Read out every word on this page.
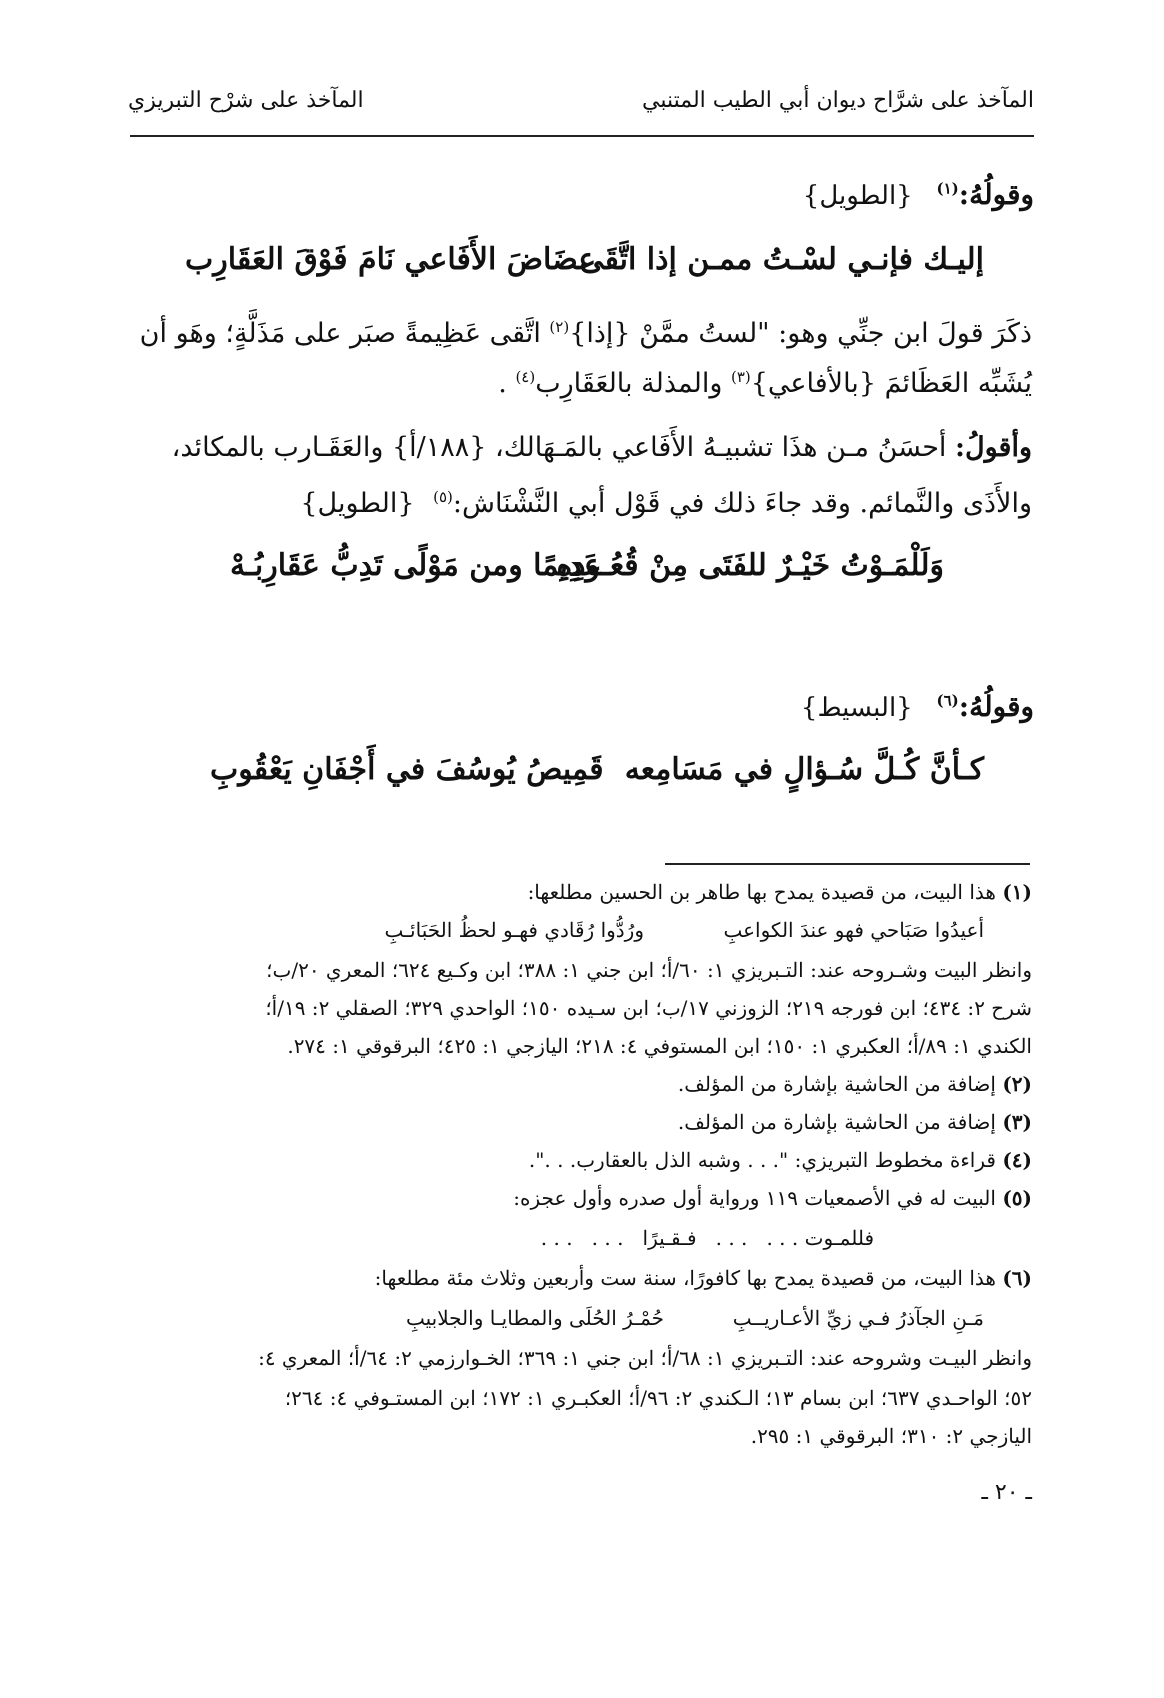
المآخذ على شرَّاح ديوان أبي الطيب المتنبي
المآخذ على شرْح التبريزي
وقولُهُ:$^{(١)}$ {الطويل}
إليـك فإنـي لسْـتُ ممـن إذا اتَّقَى
عضَاضَ الأَفَاعي نَامَ فَوْقَ العَقَارِب
ذكَرَ قولَ ابن جنِّي وهو: "لستُ ممَّنْ {إذا}$^{(٢)}$ اتَّقى عَظِيمةً صبَر على مَذَلَّةٍ؛ وهَو أن
يُشَبِّه العَظَائمَ {بالأفاعي}$^{(٣)}$ والمذلة بالعَقَارِب$^{(٤)}$ .
وأقولُ: أحسَنُ مـن هذَا تشبيـهُ الأَفَاعي بالمَـهَالك، {١٨٨/أ} والعَقَـارب بالمكائد،
والأَذَى والنَّمائم. وقد جاءَ ذلك في قَوْل أبي النَّشْنَاش:$^{(٥)}$ {الطويل}
وَلَلْمَـوْتُ خَيْـرٌ للفَتَى مِنْ قُعُـودِهِ
عَدِيمًا ومن مَوْلًى تَدِبُّ عَقَارِبُـهْ
وقولُهُ:$^{(٦)}$ {البسيط}
كـأنَّ كُـلَّ سُـؤالٍ في مَسَامِعه
قَمِيصُ يُوسُفَ في أَجْفَانِ يَعْقُوبِ
(١) هذا البيت، من قصيدة يمدح بها طاهر بن الحسين مطلعها:
أعيدُوا صَبَاحي فهو عندَ الكواعبِ
ورُدُّوا رُقَادي فهـو لحظُ الحَبَائـبِ
وانظر البيت وشـروحه عند: التـبريزي ١: ٦٠/أ؛ ابن جني ١: ٣٨٨؛ ابن وكـيع ٦٢٤؛ المعري ٢٠/ب؛
شرح ٢: ٤٣٤؛ ابن فورجه ٢١٩؛ الزوزني ١٧/ب؛ ابن سـيده ١٥٠؛ الواحدي ٣٢٩؛ الصقلي ٢: ١٩/أ؛
الكندي ١: ٨٩/أ؛ العكبري ١: ١٥٠؛ ابن المستوفي ٤: ٢١٨؛ اليازجي ١: ٤٢٥؛ البرقوقي ١: ٢٧٤.
(٢) إضافة من الحاشية بإشارة من المؤلف.
(٣) إضافة من الحاشية بإشارة من المؤلف.
(٤) قراءة مخطوط التبريزي: ". . . وشبه الذل بالعقارب. . .".
(٥) البيت له في الأصمعيات ١١٩ ورواية أول صدره وأول عجزه:
فللمـوت . . .   . . .   فـقـيرًا   . . .   . . .
(٦) هذا البيت، من قصيدة يمدح بها كافورًا، سنة ست وأربعين وثلاث مئة مطلعها:
مَـنِ الجآذرُ فـي زيِّ الأعـاريــبِ
حُمْـرُ الحُلَى والمطايـا والجلابيبِ
وانظر البيـت وشروحه عند: التـبريزي ١: ٦٨/أ؛ ابن جني ١: ٣٦٩؛ الخـوارزمي ٢: ٦٤/أ؛ المعري ٤:
٥٢؛ الواحـدي ٦٣٧؛ ابن بسام ١٣؛ الـكندي ٢: ٩٦/أ؛ العكبـري ١: ١٧٢؛ ابن المستـوفي ٤: ٢٦٤؛
اليازجي ٢: ٣١٠؛ البرقوقي ١: ٢٩٥.
ـ ٢٠ ـ
